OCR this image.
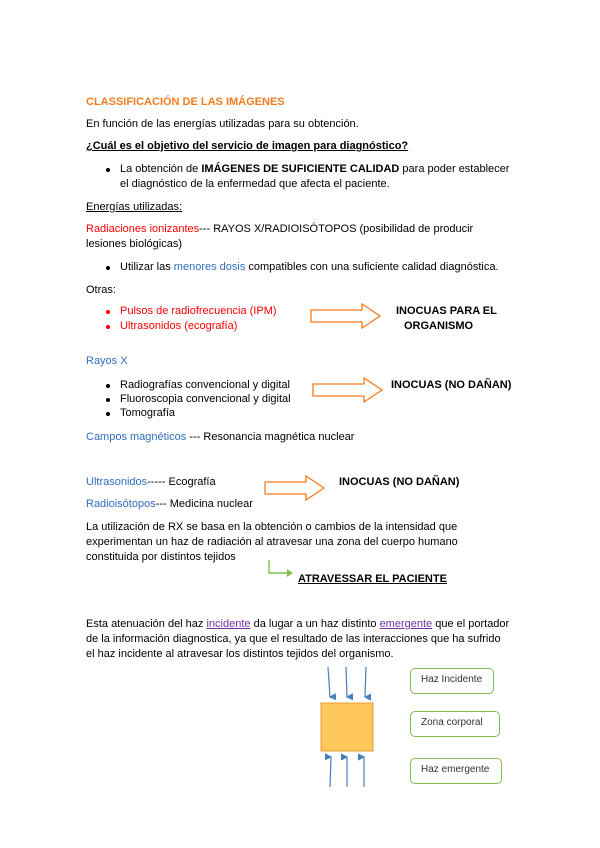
CLASSIFICACIÓN DE LAS IMÁGENES
En función de las energías utilizadas para su obtención.
¿Cuál es el objetivo del servicio de imagen para diagnóstico?
La obtención de IMÁGENES DE SUFICIENTE CALIDAD para poder establecer
el diagnóstico de la enfermedad que afecta el paciente.
Energías utilizadas:
Radiaciones ionizantes--- RAYOS X/RADIOISÓTOPOS (posibilidad de producir
lesiones biológicas)
Utilizar las menores dosis compatibles con una suficiente calidad diagnóstica.
Otras:
Pulsos de radiofrecuencia (IPM)
Ultrasonidos (ecografía)
INOCUAS PARA EL
ORGANISMO
Rayos X
Radiografías convencional y digital
Fluoroscopia convencional y digital
Tomografía
INOCUAS (NO DAÑAN)
Campos magnéticos --- Resonancia magnética nuclear
Ultrasonidos----- Ecografía	INOCUAS (NO DAÑAN)
Radioisótopos--- Medicina nuclear
La utilización de RX se basa en la obtención o cambios de la intensidad que
experimentan un haz de radiación al atravesar una zona del cuerpo humano
constituida por distintos tejidos
ATRAVESSAR EL PACIENTE
Esta atenuación del haz incidente da lugar a un haz distinto emergente que el portador
de la información diagnostica, ya que el resultado de las interacciones que ha sufrido
el haz incidente al atravesar los distintos tejidos del organismo.
Haz Incidente
Zona corporal
Haz emergente
